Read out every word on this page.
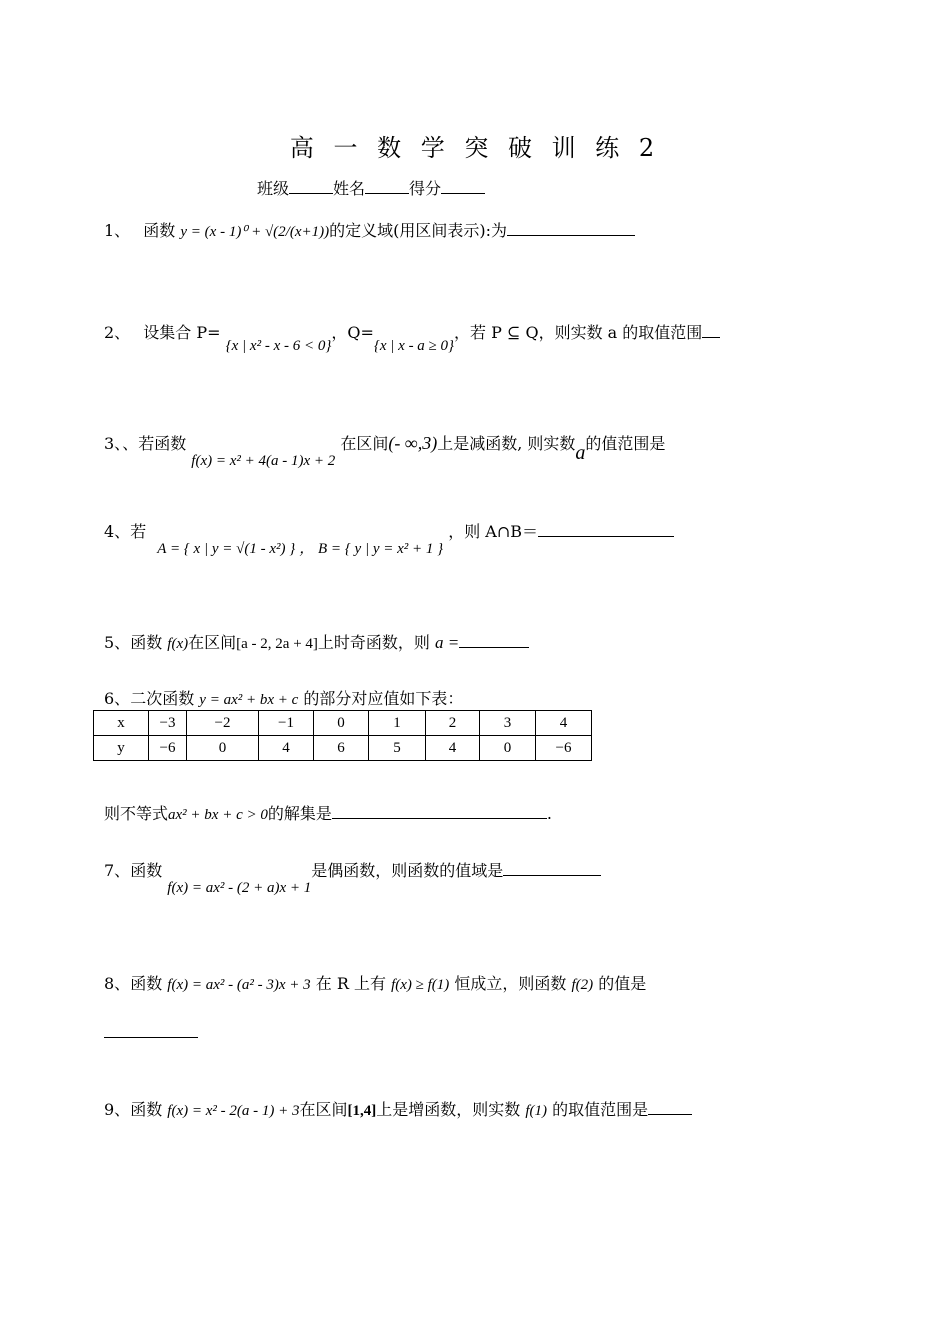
高 一 数 学 突 破 训 练 2
班级	姓名	得分
1、 函数 y = (x - 1)⁰ + √(2/(x+1))的定义域(用区间表示):为
2、 设集合 P= {x | x² - x - 6 < 0}，Q={x | x - a ≥ 0}，若 P ⊆ Q，则实数 a 的取值范围
3、、若函数 f(x) = x² + 4(a - 1)x + 2 在区间(- ∞,3)上是减函数, 则实数a的值范围是
4、若 A = { x | y = √(1 - x²) } ， B = { y | y = x² + 1 } ，则 A∩B＝
5、函数 f(x)在区间[a - 2, 2a + 4]上时奇函数，则 a =
6、二次函数 y = ax² + bx + c 的部分对应值如下表：
x	−3	−2	−1	0	1	2	3	4
y	−6	0	4	6	5	4	0	−6
则不等式ax² + bx + c > 0的解集是	.
7、函数 f(x) = ax² - (2 + a)x + 1是偶函数，则函数的值域是
8、函数 f(x) = ax² - (a² - 3)x + 3 在 R 上有 f(x) ≥ f(1) 恒成立，则函数 f(2) 的值是
9、函数 f(x) = x² - 2(a - 1) + 3在区间[1,4]上是增函数，则实数 f(1) 的取值范围是
